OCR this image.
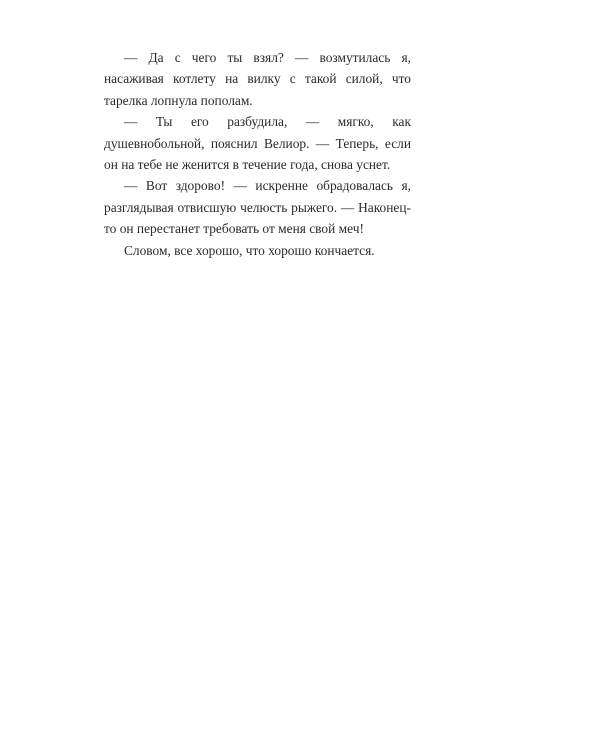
— Да с чего ты взял? — возмутилась я, насаживая котлету на вилку с такой силой, что тарелка лопнула пополам.

— Ты его разбудила, — мягко, как душевнобольной, пояснил Велиор. — Теперь, если он на тебе не женится в течение года, снова уснет.

— Вот здорово! — искренне обрадовалась я, разглядывая отвисшую челюсть рыжего. — Наконец-то он перестанет требовать от меня свой меч!

Словом, все хорошо, что хорошо кончается.
